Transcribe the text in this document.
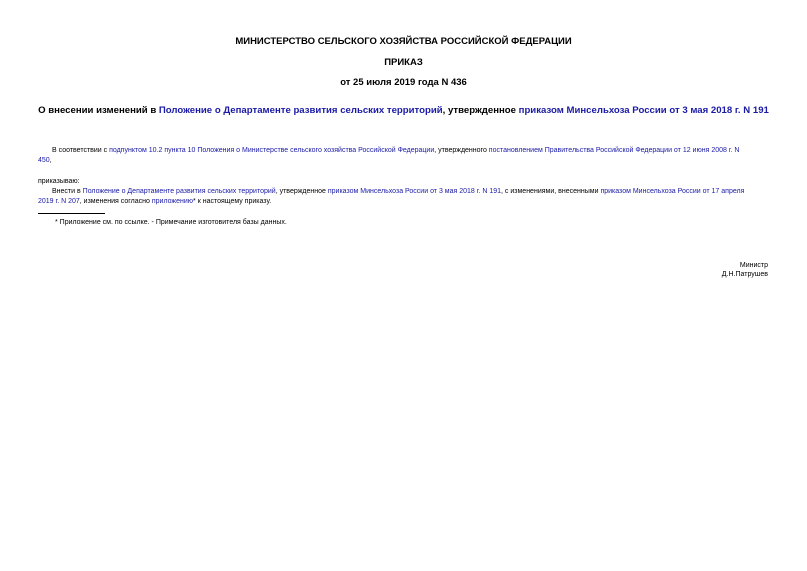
МИНИСТЕРСТВО СЕЛЬСКОГО ХОЗЯЙСТВА РОССИЙСКОЙ ФЕДЕРАЦИИ
ПРИКАЗ
от 25 июля 2019 года N 436
О внесении изменений в Положение о Департаменте развития сельских территорий, утвержденное приказом Минсельхоза России от 3 мая 2018 г. N 191
В соответствии с подпунктом 10.2 пункта 10 Положения о Министерстве сельского хозяйства Российской Федерации, утвержденного постановлением Правительства Российской Федерации от 12 июня 2008 г. N
450,
приказываю:
Внести в Положение о Департаменте развития сельских территорий, утвержденное приказом Минсельхоза России от 3 мая 2018 г. N 191, с изменениями, внесенными приказом Минсельхоза России от 17 апреля
2019 г. N 207, изменения согласно приложению* к настоящему приказу.
* Приложение см. по ссылке. - Примечание изготовителя базы данных.
Министр
Д.Н.Патрушев
